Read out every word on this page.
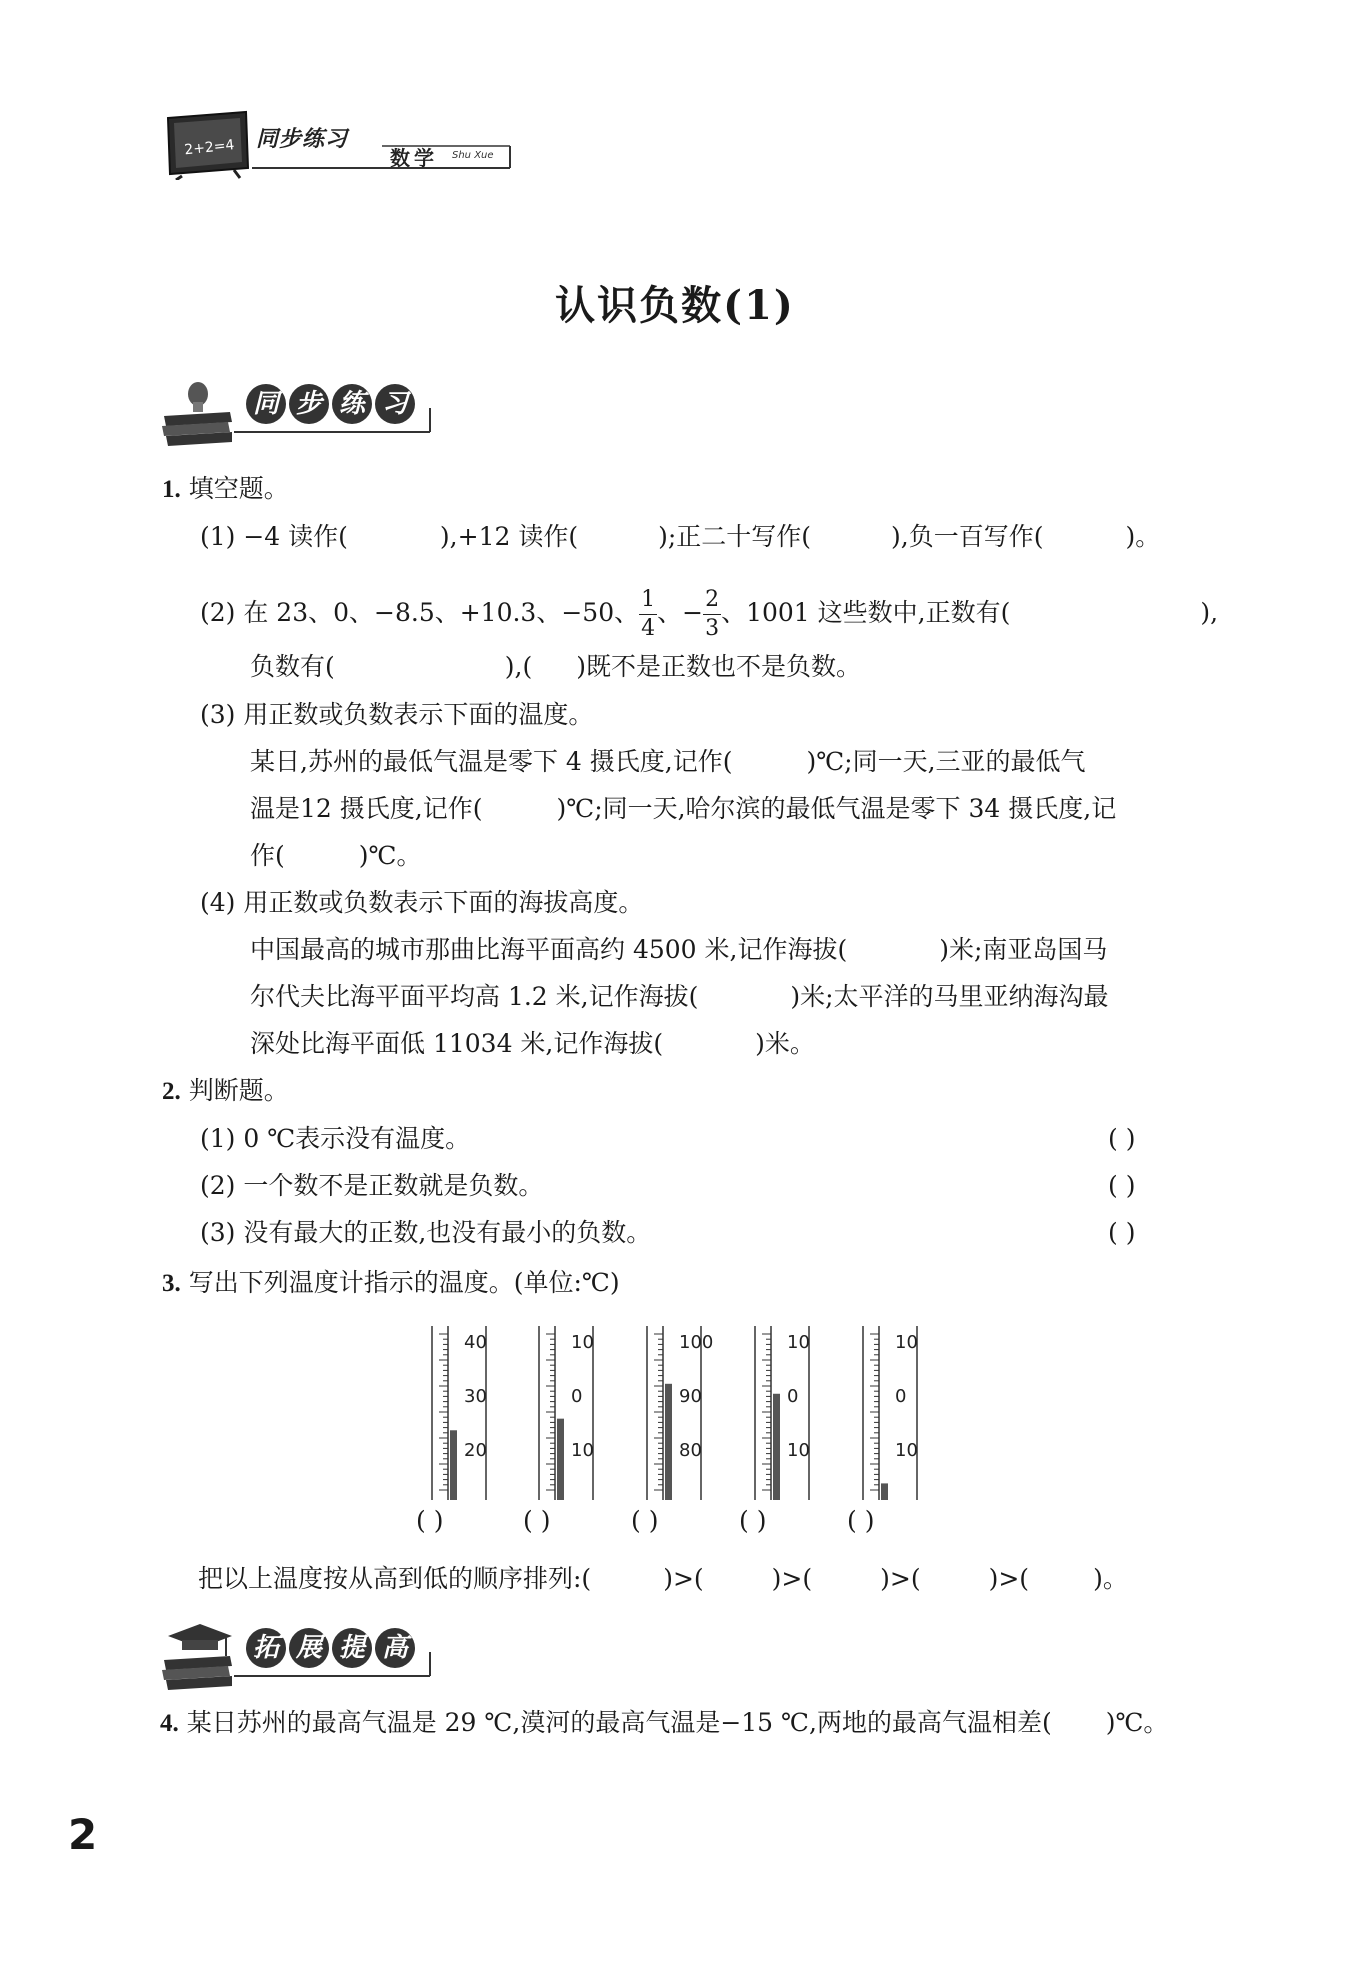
2+2=4 同步练习
数学 Shu Xue
认识负数(1)
同 步 练 习
1. 填空题。
(1) −4 读作(	),+12 读作(	);正二十写作(	),负一百写作(	)。
(2) 在 23、0、−8.5、+10.3、−50、 $\frac{1}{4}$ 、− $\frac{2}{3}$ 、1001 这些数中,正数有(	),
负数有(	),( )既不是正数也不是负数。
(3) 用正数或负数表示下面的温度。
某日,苏州的最低气温是零下 4 摄氏度,记作(	)℃;同一天,三亚的最低气
温是12 摄氏度,记作(	)℃;同一天,哈尔滨的最低气温是零下 34 摄氏度,记
作(	)℃。
(4) 用正数或负数表示下面的海拔高度。
中国最高的城市那曲比海平面高约 4500 米,记作海拔(	)米;南亚岛国马
尔代夫比海平面平均高 1.2 米,记作海拔(	)米;太平洋的马里亚纳海沟最
深处比海平面低 11034 米,记作海拔(	)米。
2. 判断题。
(1) 0 ℃表示没有温度。	( )
(2) 一个数不是正数就是负数。	( )
(3) 没有最大的正数,也没有最小的负数。	( )
3. 写出下列温度计指示的温度。(单位:℃)
40
30
20
( )
10
0
10
( )
100
90
80
( )
10
0
10
( )
10
0
10
( )
把以上温度按从高到低的顺序排列:(	)>(	)>(	)>(	)>(	)。
拓 展 提 高
4. 某日苏州的最高气温是 29 ℃,漠河的最高气温是−15 ℃,两地的最高气温相差( )℃。
2
